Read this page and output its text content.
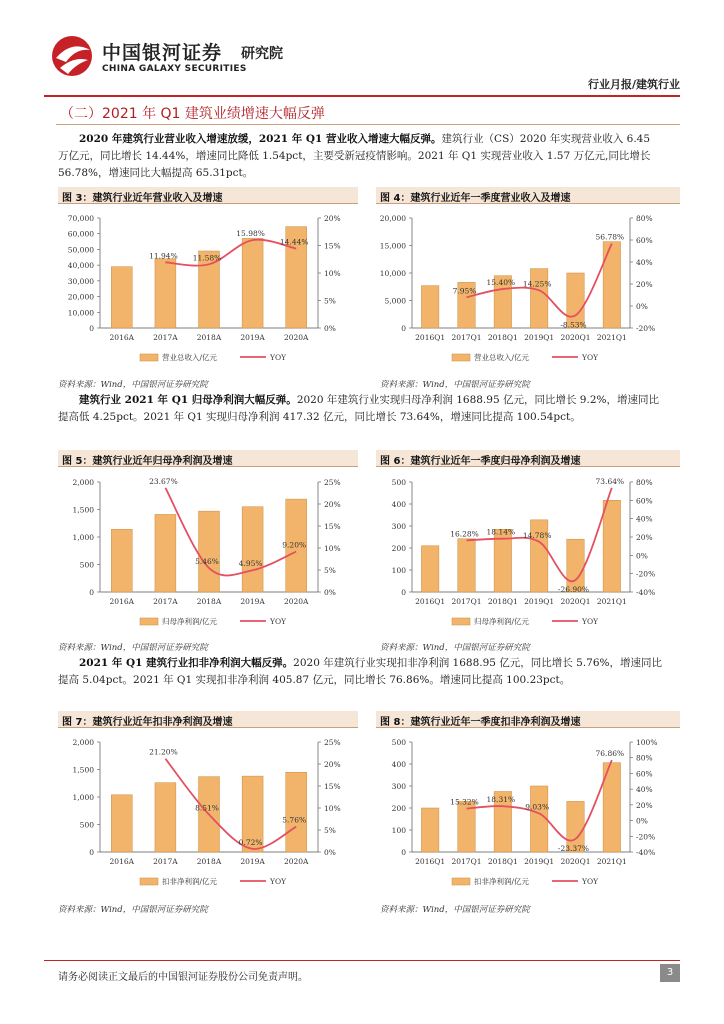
中国银河证券
CHINA GALAXY SECURITIES
研究院
行业月报/建筑行业
（二）2021 年 Q1 建筑业绩增速大幅反弹
2020 年建筑行业营业收入增速放缓，2021 年 Q1 营业收入增速大幅反弹。建筑行业（CS）2020 年实现营业收入 6.45 万亿元，同比增长 14.44%，增速同比降低 1.54pct，主要受新冠疫情影响。2021 年 Q1 实现营业收入 1.57 万亿元,同比增长 56.78%，增速同比大幅提高 65.31pct。
图 3：建筑行业近年营业收入及增速	图 4：建筑行业近年一季度营业收入及增速
0
10,000
20,000
30,000
40,000
50,000
60,000
70,000
0%
5%
10%
15%
20%
2016A	2017A	2018A	2019A	2020A
11.94% 11.58%
15.98%
14.44%
营业总收入/亿元	YOY
0
5,000
10,000
15,000
20,000
-20%
0%
20%
40%
60%
80%
2016Q1 2017Q1 2018Q1 2019Q1 2020Q1 2021Q1
7.95%
15.40% 14.25%
-8.53%
56.78%
营业总收入/亿元	YOY
资料来源：Wind，中国银河证券研究院	资料来源：Wind，中国银河证券研究院
建筑行业 2021 年 Q1 归母净利润大幅反弹。2020 年建筑行业实现归母净利润 1688.95 亿元，同比增长 9.2%，增速同比提高低 4.25pct。2021 年 Q1 实现归母净利润 417.32 亿元，同比增长 73.64%，增速同比提高 100.54pct。
图 5：建筑行业近年归母净利润及增速	图 6：建筑行业近年一季度归母净利润及增速
0
500
1,000
1,500
2,000
0%
5%
10%
15%
20%
25%
2016A	2017A	2018A	2019A	2020A
23.67%
5.46%	4.95%
9.20%
归母净利润/亿元	YOY
0
100
200
300
400
500
-40%
-20%
0%
20%
40%
60%
80%
2016Q1 2017Q1 2018Q1 2019Q1 2020Q1 2021Q1
16.28% 18.14% 14.78%
-26.90%
73.64%
归母净利润/亿元	YOY
资料来源：Wind，中国银河证券研究院	资料来源：Wind，中国银河证券研究院
2021 年 Q1 建筑行业扣非净利润大幅反弹。2020 年建筑行业实现扣非净利润 1688.95 亿元，同比增长 5.76%，增速同比提高 5.04pct。2021 年 Q1 实现扣非净利润 405.87 亿元，同比增长 76.86%。增速同比提高 100.23pct。
图 7：建筑行业近年扣非净利润及增速	图 8：建筑行业近年一季度扣非净利润及增速
0
500
1,000
1,500
2,000
0%
5%
10%
15%
20%
25%
2016A	2017A	2018A	2019A	2020A
21.20%
8.51%
0.72%
5.76%
扣非净利润/亿元	YOY
0
100
200
300
400
500
-40%
-20%
0%
20%
40%
60%
80%
100%
2016Q1 2017Q1 2018Q1 2019Q1 2020Q1 2021Q1
15.32% 18.31%
9.03%
-23.37%
76.86%
扣非净利润/亿元	YOY
资料来源：Wind，中国银河证券研究院	资料来源：Wind，中国银河证券研究院
请务必阅读正文最后的中国银河证券股份公司免责声明。	3
